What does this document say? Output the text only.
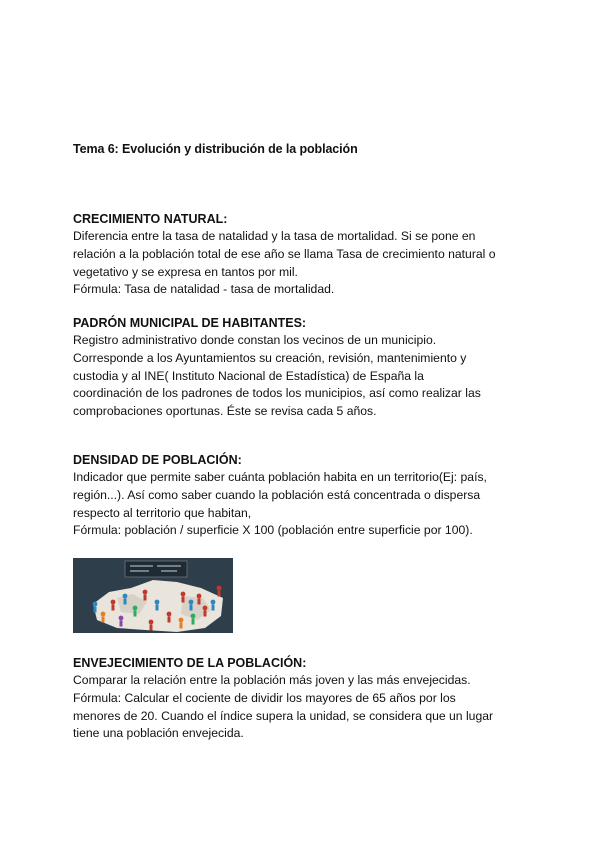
Tema 6: Evolución y distribución de la población
CRECIMIENTO NATURAL:

Diferencia entre la tasa de natalidad y la tasa de mortalidad. Si se pone en

relación a la población total de ese año se llama Tasa de crecimiento natural o

vegetativo y se expresa en tantos por mil.

Fórmula: Tasa de natalidad - tasa de mortalidad.

PADRÓN MUNICIPAL DE HABITANTES:

Registro administrativo donde constan los vecinos de un municipio.

Corresponde a los Ayuntamientos su creación, revisión, mantenimiento y

custodia y al INE( Instituto Nacional de Estadística) de España la

coordinación de los padrones de todos los municipios, así como realizar las

comprobaciones oportunas. Éste se revisa cada 5 años.

DENSIDAD DE POBLACIÓN:

Indicador que permite saber cuánta población habita en un territorio(Ej: país,

región...). Así como saber cuando la población está concentrada o dispersa

respecto al territorio que habitan,

Fórmula: población / superficie X 100 (población entre superficie por 100).

ENVEJECIMIENTO DE LA POBLACIÓN:

Comparar la relación entre la población más joven y las más envejecidas.

Fórmula: Calcular el cociente de dividir los mayores de 65 años por los

menores de 20. Cuando el índice supera la unidad, se considera que un lugar

tiene una población envejecida.
